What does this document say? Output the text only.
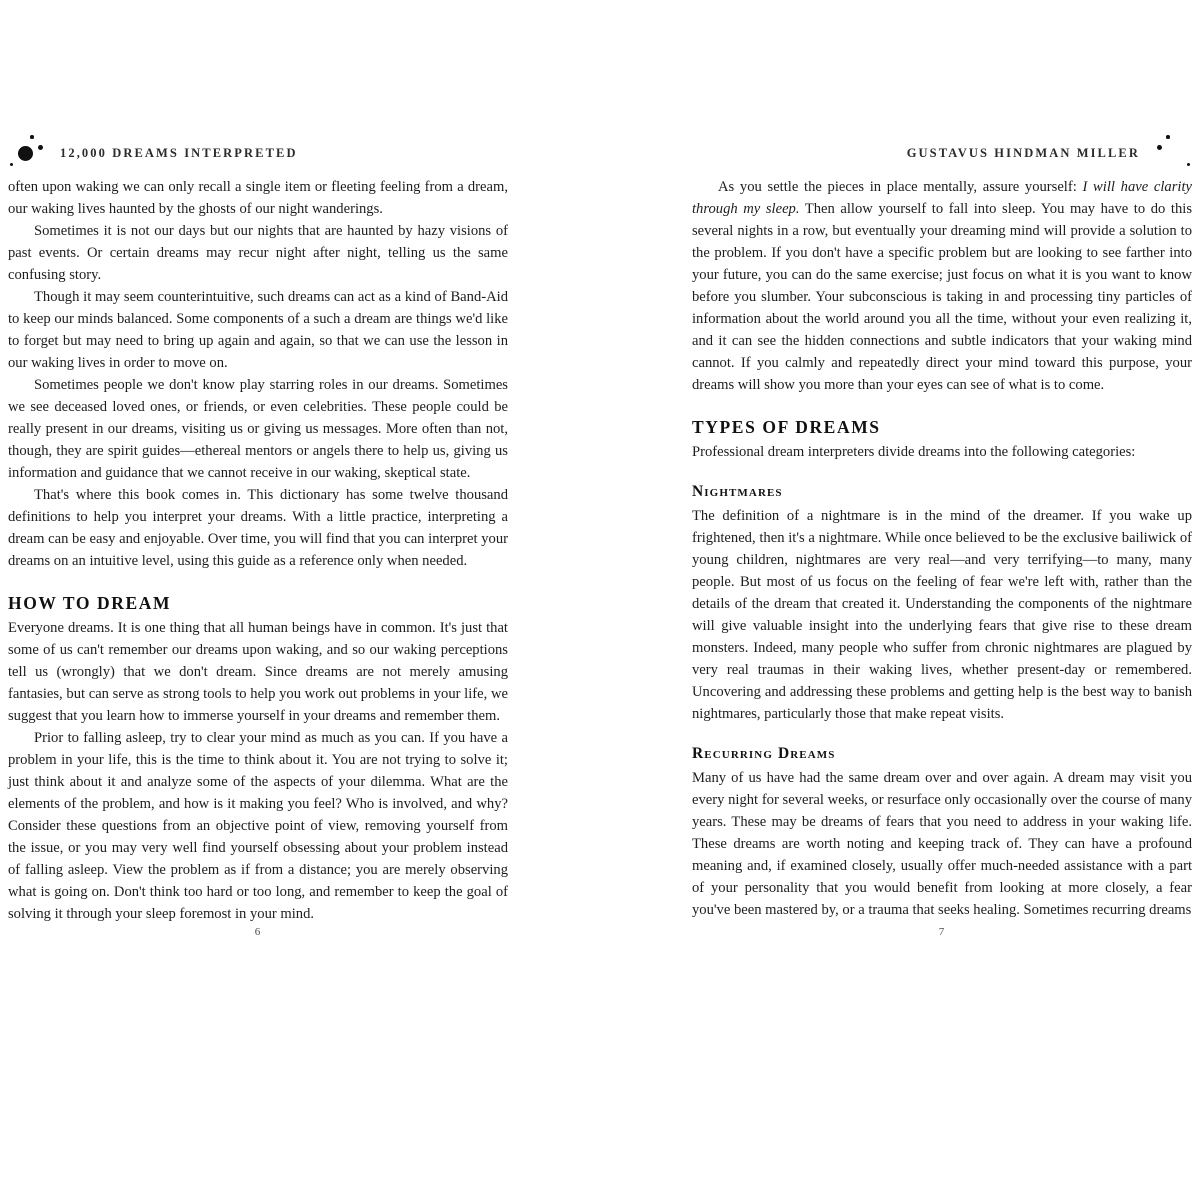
12,000 DREAMS INTERPRETED

often upon waking we can only recall a single item or fleeting feeling from a dream, our waking lives haunted by the ghosts of our night wanderings.

Sometimes it is not our days but our nights that are haunted by hazy visions of past events. Or certain dreams may recur night after night, telling us the same confusing story.

Though it may seem counterintuitive, such dreams can act as a kind of Band-Aid to keep our minds balanced. Some components of a such a dream are things we'd like to forget but may need to bring up again and again, so that we can use the lesson in our waking lives in order to move on.

Sometimes people we don't know play starring roles in our dreams. Sometimes we see deceased loved ones, or friends, or even celebrities. These people could be really present in our dreams, visiting us or giving us messages. More often than not, though, they are spirit guides—ethereal mentors or angels there to help us, giving us information and guidance that we cannot receive in our waking, skeptical state.

That's where this book comes in. This dictionary has some twelve thousand definitions to help you interpret your dreams. With a little practice, interpreting a dream can be easy and enjoyable. Over time, you will find that you can interpret your dreams on an intuitive level, using this guide as a reference only when needed.

HOW TO DREAM

Everyone dreams. It is one thing that all human beings have in common. It's just that some of us can't remember our dreams upon waking, and so our waking perceptions tell us (wrongly) that we don't dream. Since dreams are not merely amusing fantasies, but can serve as strong tools to help you work out problems in your life, we suggest that you learn how to immerse yourself in your dreams and remember them.

Prior to falling asleep, try to clear your mind as much as you can. If you have a problem in your life, this is the time to think about it. You are not trying to solve it; just think about it and analyze some of the aspects of your dilemma. What are the elements of the problem, and how is it making you feel? Who is involved, and why? Consider these questions from an objective point of view, removing yourself from the issue, or you may very well find yourself obsessing about your problem instead of falling asleep. View the problem as if from a distance; you are merely observing what is going on. Don't think too hard or too long, and remember to keep the goal of solving it through your sleep foremost in your mind.

6
GUSTAVUS HINDMAN MILLER

As you settle the pieces in place mentally, assure yourself: I will have clarity through my sleep. Then allow yourself to fall into sleep. You may have to do this several nights in a row, but eventually your dreaming mind will provide a solution to the problem. If you don't have a specific problem but are looking to see farther into your future, you can do the same exercise; just focus on what it is you want to know before you slumber. Your subconscious is taking in and processing tiny particles of information about the world around you all the time, without your even realizing it, and it can see the hidden connections and subtle indicators that your waking mind cannot. If you calmly and repeatedly direct your mind toward this purpose, your dreams will show you more than your eyes can see of what is to come.

TYPES OF DREAMS

Professional dream interpreters divide dreams into the following categories:

Nightmares

The definition of a nightmare is in the mind of the dreamer. If you wake up frightened, then it's a nightmare. While once believed to be the exclusive bailiwick of young children, nightmares are very real—and very terrifying—to many, many people. But most of us focus on the feeling of fear we're left with, rather than the details of the dream that created it. Understanding the components of the nightmare will give valuable insight into the underlying fears that give rise to these dream monsters. Indeed, many people who suffer from chronic nightmares are plagued by very real traumas in their waking lives, whether present-day or remembered. Uncovering and addressing these problems and getting help is the best way to banish nightmares, particularly those that make repeat visits.

Recurring Dreams

Many of us have had the same dream over and over again. A dream may visit you every night for several weeks, or resurface only occasionally over the course of many years. These may be dreams of fears that you need to address in your waking life. These dreams are worth noting and keeping track of. They can have a profound meaning and, if examined closely, usually offer much-needed assistance with a part of your personality that you would benefit from looking at more closely, a fear you've been mastered by, or a trauma that seeks healing. Sometimes recurring dreams

7
